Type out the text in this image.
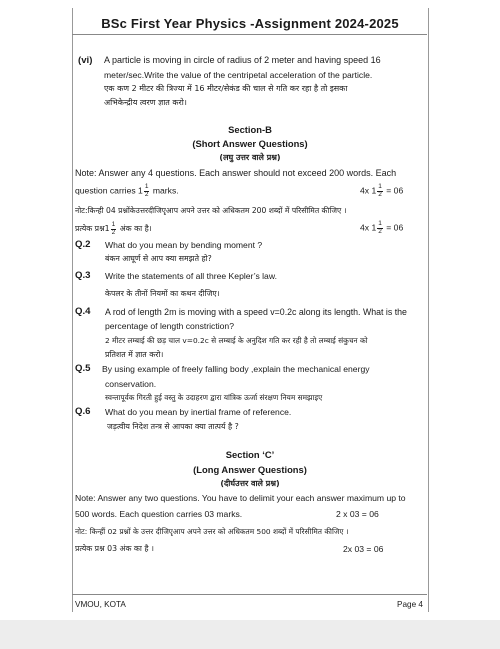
BSc First Year Physics -Assignment 2024-2025
(vi) A particle is moving in circle of radius of 2 meter and having speed 16
meter/sec.Write the value of the centripetal acceleration of the particle.
एक कण 2 मीटर की त्रिज्या में 16 मीटर/सेकंड की चाल से गति कर रहा है तो इसका
अभिकेन्द्रीय त्वरण ज्ञात करो।
Section-B
(Short Answer Questions)
(लघु उत्तर वाले प्रश्न)
Note: Answer any 4 questions. Each answer should not exceed 200 words. Each
question carries $1 \frac{1}{2}$ marks.	4x $1 \frac{1}{2} = 06$
नोट:किन्ही 04 प्रश्नोंकेउत्तरदीजिएृआप अपने उत्तर को अधिकतम 200 शब्दों में परिसीमित कीजिए ।
प्रत्येक प्रश्न1 $\frac{1}{2}$ अंक का है।	4x $1 \frac{1}{2} = 06$
Q.2 What do you mean by bending moment ?
बंकन आघूर्ण से आप क्या समझते हो?
Q.3 Write the statements of all three Kepler’s law.
केपलर के तीनों नियमों का कथन दीजिए।
Q.4 A rod of length 2m is moving with a speed v=0.2c along its length. What is the
percentage of length constriction?
2 मीटर लम्बाई की छड़ चाल v=0.2c से लम्बाई के अनुदिश गति कर रही है तो लम्बाई संकुचन को
प्रतिशत में ज्ञात करो।
Q.5 By using example of freely falling body ,explain the mechanical energy
conservation.
स्वन्तापूर्वक गिरती हुई वस्तु के उदाहरण द्वारा यांत्रिक ऊर्जा संरक्षण नियम समझाइए
Q.6 What do you mean by inertial frame of reference.
जड़त्वीय निदेश तन्त्र से आपका क्या तात्पर्य है ?
Section ‘C’
(Long Answer Questions)
(दीर्घउत्तर वाले प्रश्न)
Note: Answer any two questions. You have to delimit your each answer maximum up to
500 words. Each question carries 03 marks.	2 x 03 = 06
नोट: किन्हीं 02 प्रश्नों के उत्तर दीजिएृआप अपने उत्तर को अधिकतम 500 शब्दों में परिसीमित कीजिए ।
प्रत्येक प्रश्न 03 अंक का है ।	2x 03 = 06
VMOU, KOTA	Page 4
